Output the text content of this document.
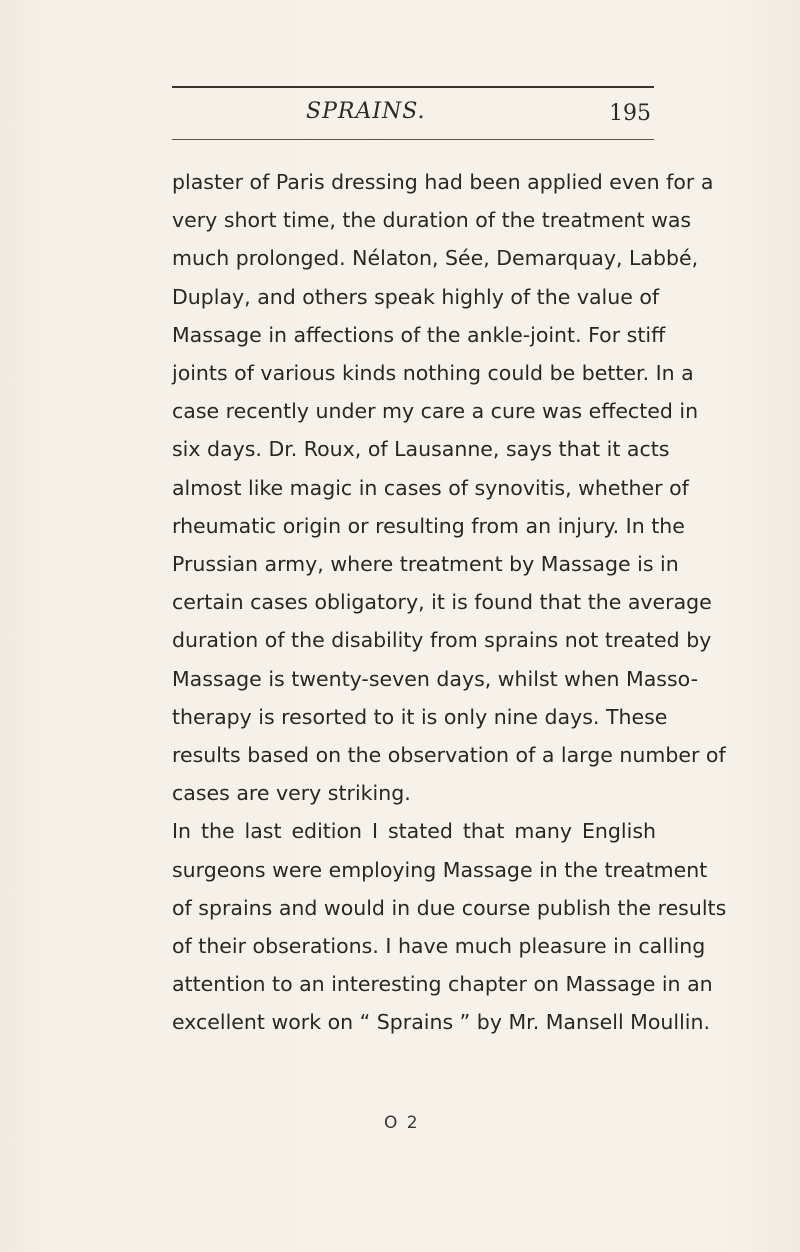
SPRAINS.	195
plaster of Paris dressing had been applied even for a
very short time, the duration of the treatment was
much prolonged. Nélaton, Sée, Demarquay, Labbé,
Duplay, and others speak highly of the value of
Massage in affections of the ankle-joint. For stiff
joints of various kinds nothing could be better. In a
case recently under my care a cure was effected in
six days. Dr. Roux, of Lausanne, says that it acts
almost like magic in cases of synovitis, whether of
rheumatic origin or resulting from an injury. In the
Prussian army, where treatment by Massage is in
certain cases obligatory, it is found that the average
duration of the disability from sprains not treated by
Massage is twenty-seven days, whilst when Masso-
therapy is resorted to it is only nine days. These
results based on the observation of a large number of
cases are very striking.
In the last edition I stated that many English
surgeons were employing Massage in the treatment
of sprains and would in due course publish the results
of their obserations. I have much pleasure in calling
attention to an interesting chapter on Massage in an
excellent work on “ Sprains ” by Mr. Mansell Moullin.
O 2
